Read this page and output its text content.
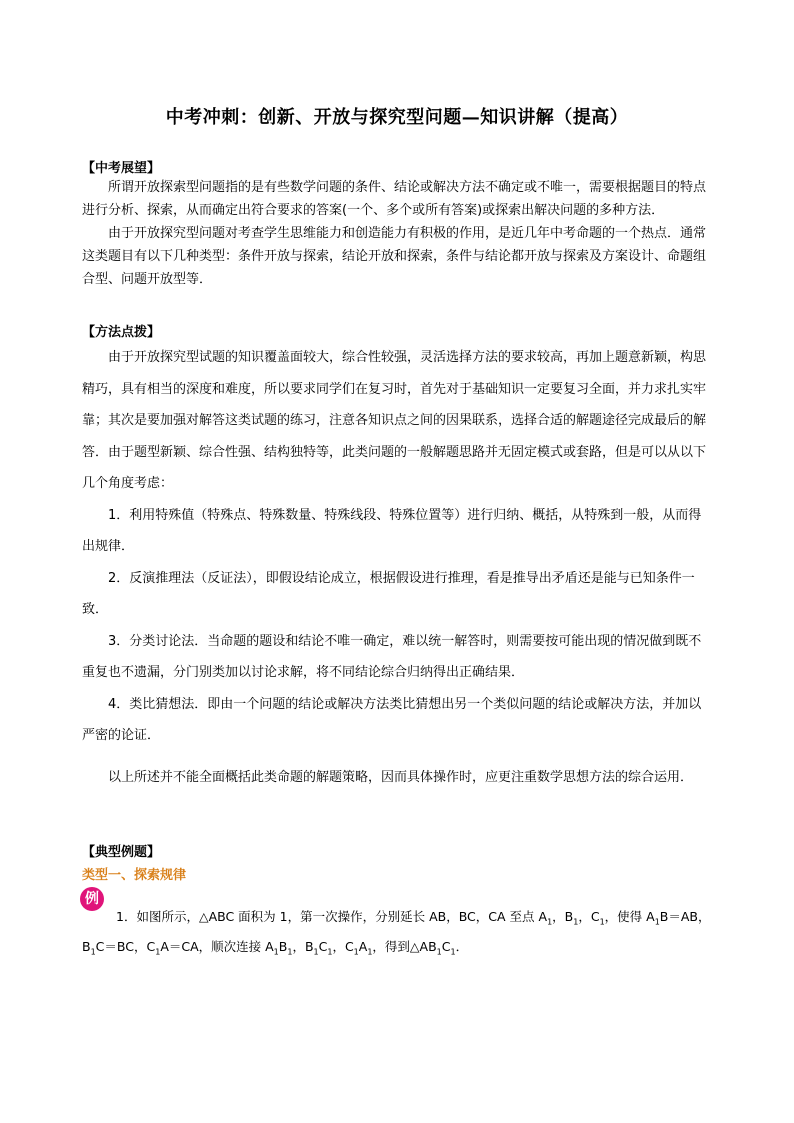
中考冲刺：创新、开放与探究型问题—知识讲解（提高）
【中考展望】

所谓开放探索型问题指的是有些数学问题的条件、结论或解决方法不确定或不唯一，需要根据题目的特点进行分析、探索，从而确定出符合要求的答案(一个、多个或所有答案)或探索出解决问题的多种方法．

由于开放探究型问题对考查学生思维能力和创造能力有积极的作用，是近几年中考命题的一个热点．通常这类题目有以下几种类型：条件开放与探索，结论开放和探索，条件与结论都开放与探索及方案设计、命题组合型、问题开放型等．

【方法点拨】

由于开放探究型试题的知识覆盖面较大，综合性较强，灵活选择方法的要求较高，再加上题意新颖，构思精巧，具有相当的深度和难度，所以要求同学们在复习时，首先对于基础知识一定要复习全面，并力求扎实牢靠；其次是要加强对解答这类试题的练习，注意各知识点之间的因果联系，选择合适的解题途径完成最后的解答．由于题型新颖、综合性强、结构独特等，此类问题的一般解题思路并无固定模式或套路，但是可以从以下几个角度考虑：

1．利用特殊值（特殊点、特殊数量、特殊线段、特殊位置等）进行归纳、概括，从特殊到一般，从而得出规律．

2．反演推理法（反证法），即假设结论成立，根据假设进行推理，看是推导出矛盾还是能与已知条件一致．

3．分类讨论法．当命题的题设和结论不唯一确定，难以统一解答时，则需要按可能出现的情况做到既不重复也不遗漏，分门别类加以讨论求解，将不同结论综合归纳得出正确结果．

4．类比猜想法．即由一个问题的结论或解决方法类比猜想出另一个类似问题的结论或解决方法，并加以严密的论证．

以上所述并不能全面概括此类命题的解题策略，因而具体操作时，应更注重数学思想方法的综合运用．

【典型例题】
类型一、探索规律
例
1．如图所示，△ABC 面积为 1，第一次操作，分别延长 AB，BC，CA 至点 $A_1$，$B_1$，$C_1$，使得 $A_1B=AB$，$B_1C=BC$，$C_1A=CA$，顺次连接 $A_1B_1$，$B_1C_1$，$C_1A_1$，得到$\triangle AB_1C_1$．
